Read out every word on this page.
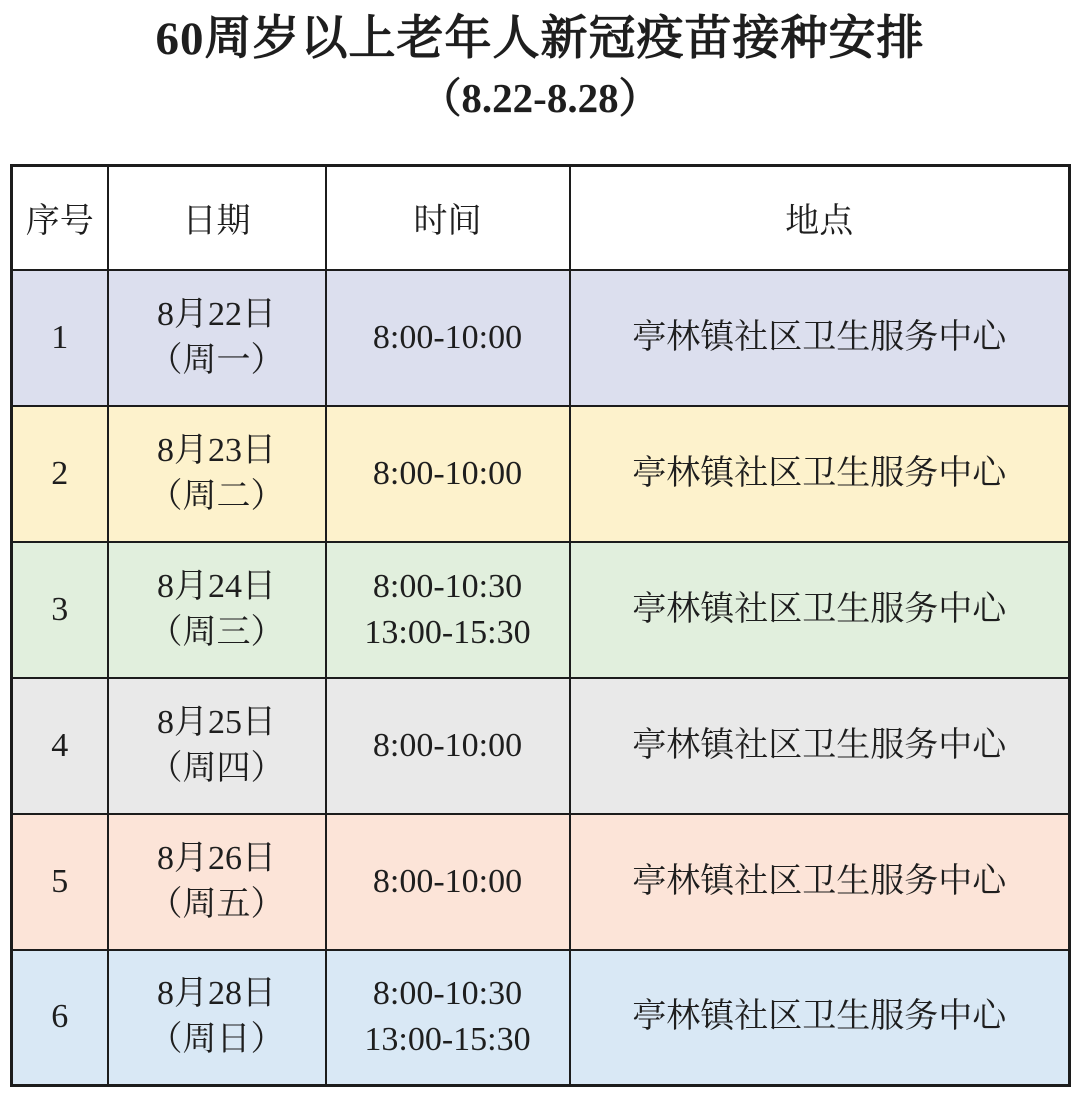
60周岁以上老年人新冠疫苗接种安排
（8.22-8.28）
序号	日期	时间	地点
1	8月22日
（周一）	8:00-10:00	亭林镇社区卫生服务中心
2	8月23日
（周二）	8:00-10:00	亭林镇社区卫生服务中心
3	8月24日
（周三）	8:00-10:30
13:00-15:30	亭林镇社区卫生服务中心
4	8月25日
（周四）	8:00-10:00	亭林镇社区卫生服务中心
5	8月26日
（周五）	8:00-10:00	亭林镇社区卫生服务中心
6	8月28日
（周日）	8:00-10:30
13:00-15:30	亭林镇社区卫生服务中心
